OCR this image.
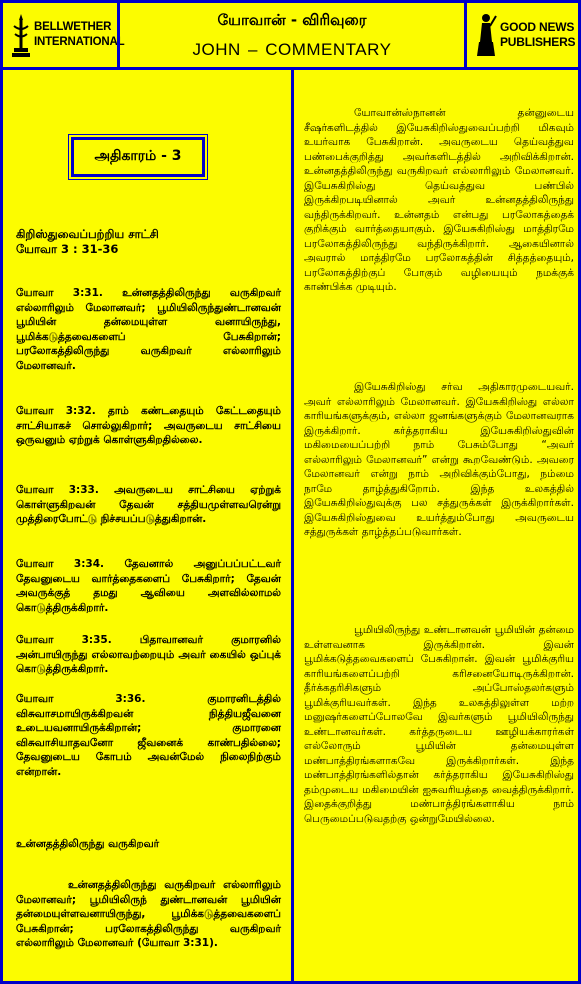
BELLWETHER
INTERNATIONAL
யோவான் - விரிவுரை
JOHN – COMMENTARY
GOOD NEWS
PUBLISHERS
அதிகாரம் - 3
கிறிஸ்துவைப்பற்றிய சாட்சி
யோவா 3 : 31-36

யோவா 3:31. உன்னதத்திலிருந்து வருகிறவர் எல்லாரிலும் மேலானவர்; பூமியிலிருந்துண்டானவன் பூமியின் தன்மையுள்ள வனாயிருந்து, பூமிக்கடுத்தவைகளைப் பேசுகிறான்; பரலோகத்திலிருந்து வருகிறவர் எல்லாரிலும் மேலானவர்.

யோவா 3:32. தாம் கண்டதையும் கேட்டதையும் சாட்சியாகச் சொல்லுகிறார்; அவருடைய சாட்சியை ஒருவனும் ஏற்றுக் கொள்ளுகிறதில்லை.

யோவா 3:33. அவருடைய சாட்சியை ஏற்றுக் கொள்ளுகிறவன் தேவன் சத்தியமுள்ளவரென்று முத்திரைபோட்டு நிச்சயப்படுத்துகிறான்.

யோவா 3:34. தேவனால் அனுப்பப்பட்டவர் தேவனுடைய வார்த்தைகளைப் பேசுகிறார்; தேவன் அவருக்குத் தமது ஆவியை அளவில்லாமல் கொடுத்திருக்கிறார்.

யோவா 3:35. பிதாவானவர் குமாரனில் அன்பாயிருந்து எல்லாவற்றையும் அவர் கையில் ஒப்புக் கொடுத்திருக்கிறார்.

யோவா 3:36. குமாரனிடத்தில் விசுவாசமாயிருக்கிறவன் நித்தியஜீவனை உடையவனாயிருக்கிறான்; குமாரனை விசுவாசியாதவனோ ஜீவனைக் காண்பதில்லை; தேவனுடைய கோபம் அவன்மேல் நிலைநிற்கும் என்றான்.

உன்னதத்திலிருந்து வருகிறவர்

உன்னதத்திலிருந்து வருகிறவர் எல்லாரிலும் மேலானவர்; பூமியிலிருந் துண்டானவன் பூமியின் தன்மையுள்ளவனாயிருந்து, பூமிக்கடுத்தவைகளைப் பேசுகிறான்; பரலோகத்திலிருந்து வருகிறவர் எல்லாரிலும் மேலானவர் (யோவா 3:31).

யோவான்ஸ்நானன் தன்னுடைய சீஷர்களிடத்தில் இயேசுகிறிஸ்துவைப்பற்றி மிகவும் உயர்வாக பேசுகிறான். அவருடைய தெய்வத்துவ பண்பைக்குறித்து அவர்களிடத்தில் அறிவிக்கிறான். உன்னதத்திலிருந்து வருகிறவர் எல்லாரிலும் மேலானவர். இயேசுகிறிஸ்து தெய்வத்துவ பண்பில் இருக்கிறபடியினால் அவர் உன்னதத்திலிருந்து வந்திருக்கிறவர். உன்னதம் என்பது பரலோகத்தைக் குறிக்கும் வார்த்தையாகும். இயேசுகிறிஸ்து மாத்திரமே பரலோகத்திலிருந்து வந்திருக்கிறார். ஆகையினால் அவரால் மாத்திரமே பரலோகத்தின் சித்தத்தையும், பரலோகத்திற்குப் போகும் வழியையும் நமக்குக் காண்பிக்க முடியும்.

இயேசுகிறிஸ்து சர்வ அதிகாரமுடையவர். அவர் எல்லாரிலும் மேலானவர். இயேசுகிறிஸ்து எல்லா காரியங்களுக்கும், எல்லா ஜனங்களுக்கும் மேலானவராக இருக்கிறார். கர்த்தராகிய இயேசுகிறிஸ்துவின் மகிமையைப்பற்றி நாம் பேசும்போது “அவர் எல்லாரிலும் மேலானவர்” என்று கூறவேண்டும். அவரை மேலானவர் என்று நாம் அறிவிக்கும்போது, நம்மை நாமே தாழ்த்துகிறோம். இந்த உலகத்தில் இயேசுகிறிஸ்துவுக்கு பல சத்துருக்கள் இருக்கிறார்கள். இயேசுகிறிஸ்துவை உயர்த்தும்போது அவருடைய சத்துருக்கள் தாழ்த்தப்படுவார்கள்.

பூமியிலிருந்து உண்டானவன் பூமியின் தன்மை உள்ளவனாக இருக்கிறான். இவன் பூமிக்கடுத்தவைகளைப் பேசுகிறான். இவன் பூமிக்குரிய காரியங்களைப்பற்றி கரிசனையோடிருக்கிறான். தீர்க்கதரிசிகளும் அப்போஸ்தலர்களும் பூமிக்குரியவர்கள். இந்த உலகத்திலுள்ள மற்ற மனுஷர்களைப்போலவே இவர்களும் பூமியிலிருந்து உண்டானவர்கள். கர்த்தருடைய ஊழியக்காரர்கள் எல்லோரும் பூமியின் தன்மையுள்ள மண்பாத்திரங்களாகவே இருக்கிறார்கள். இந்த மண்பாத்திரங்களில்தான் கர்த்தராகிய இயேசுகிறிஸ்து தம்முடைய மகிமையின் ஐசுவரியத்தை வைத்திருக்கிறார். இதைக்குறித்து மண்பாத்திரங்களாகிய நாம் பெருமைப்படுவதற்கு ஒன்றுமேயில்லை.
